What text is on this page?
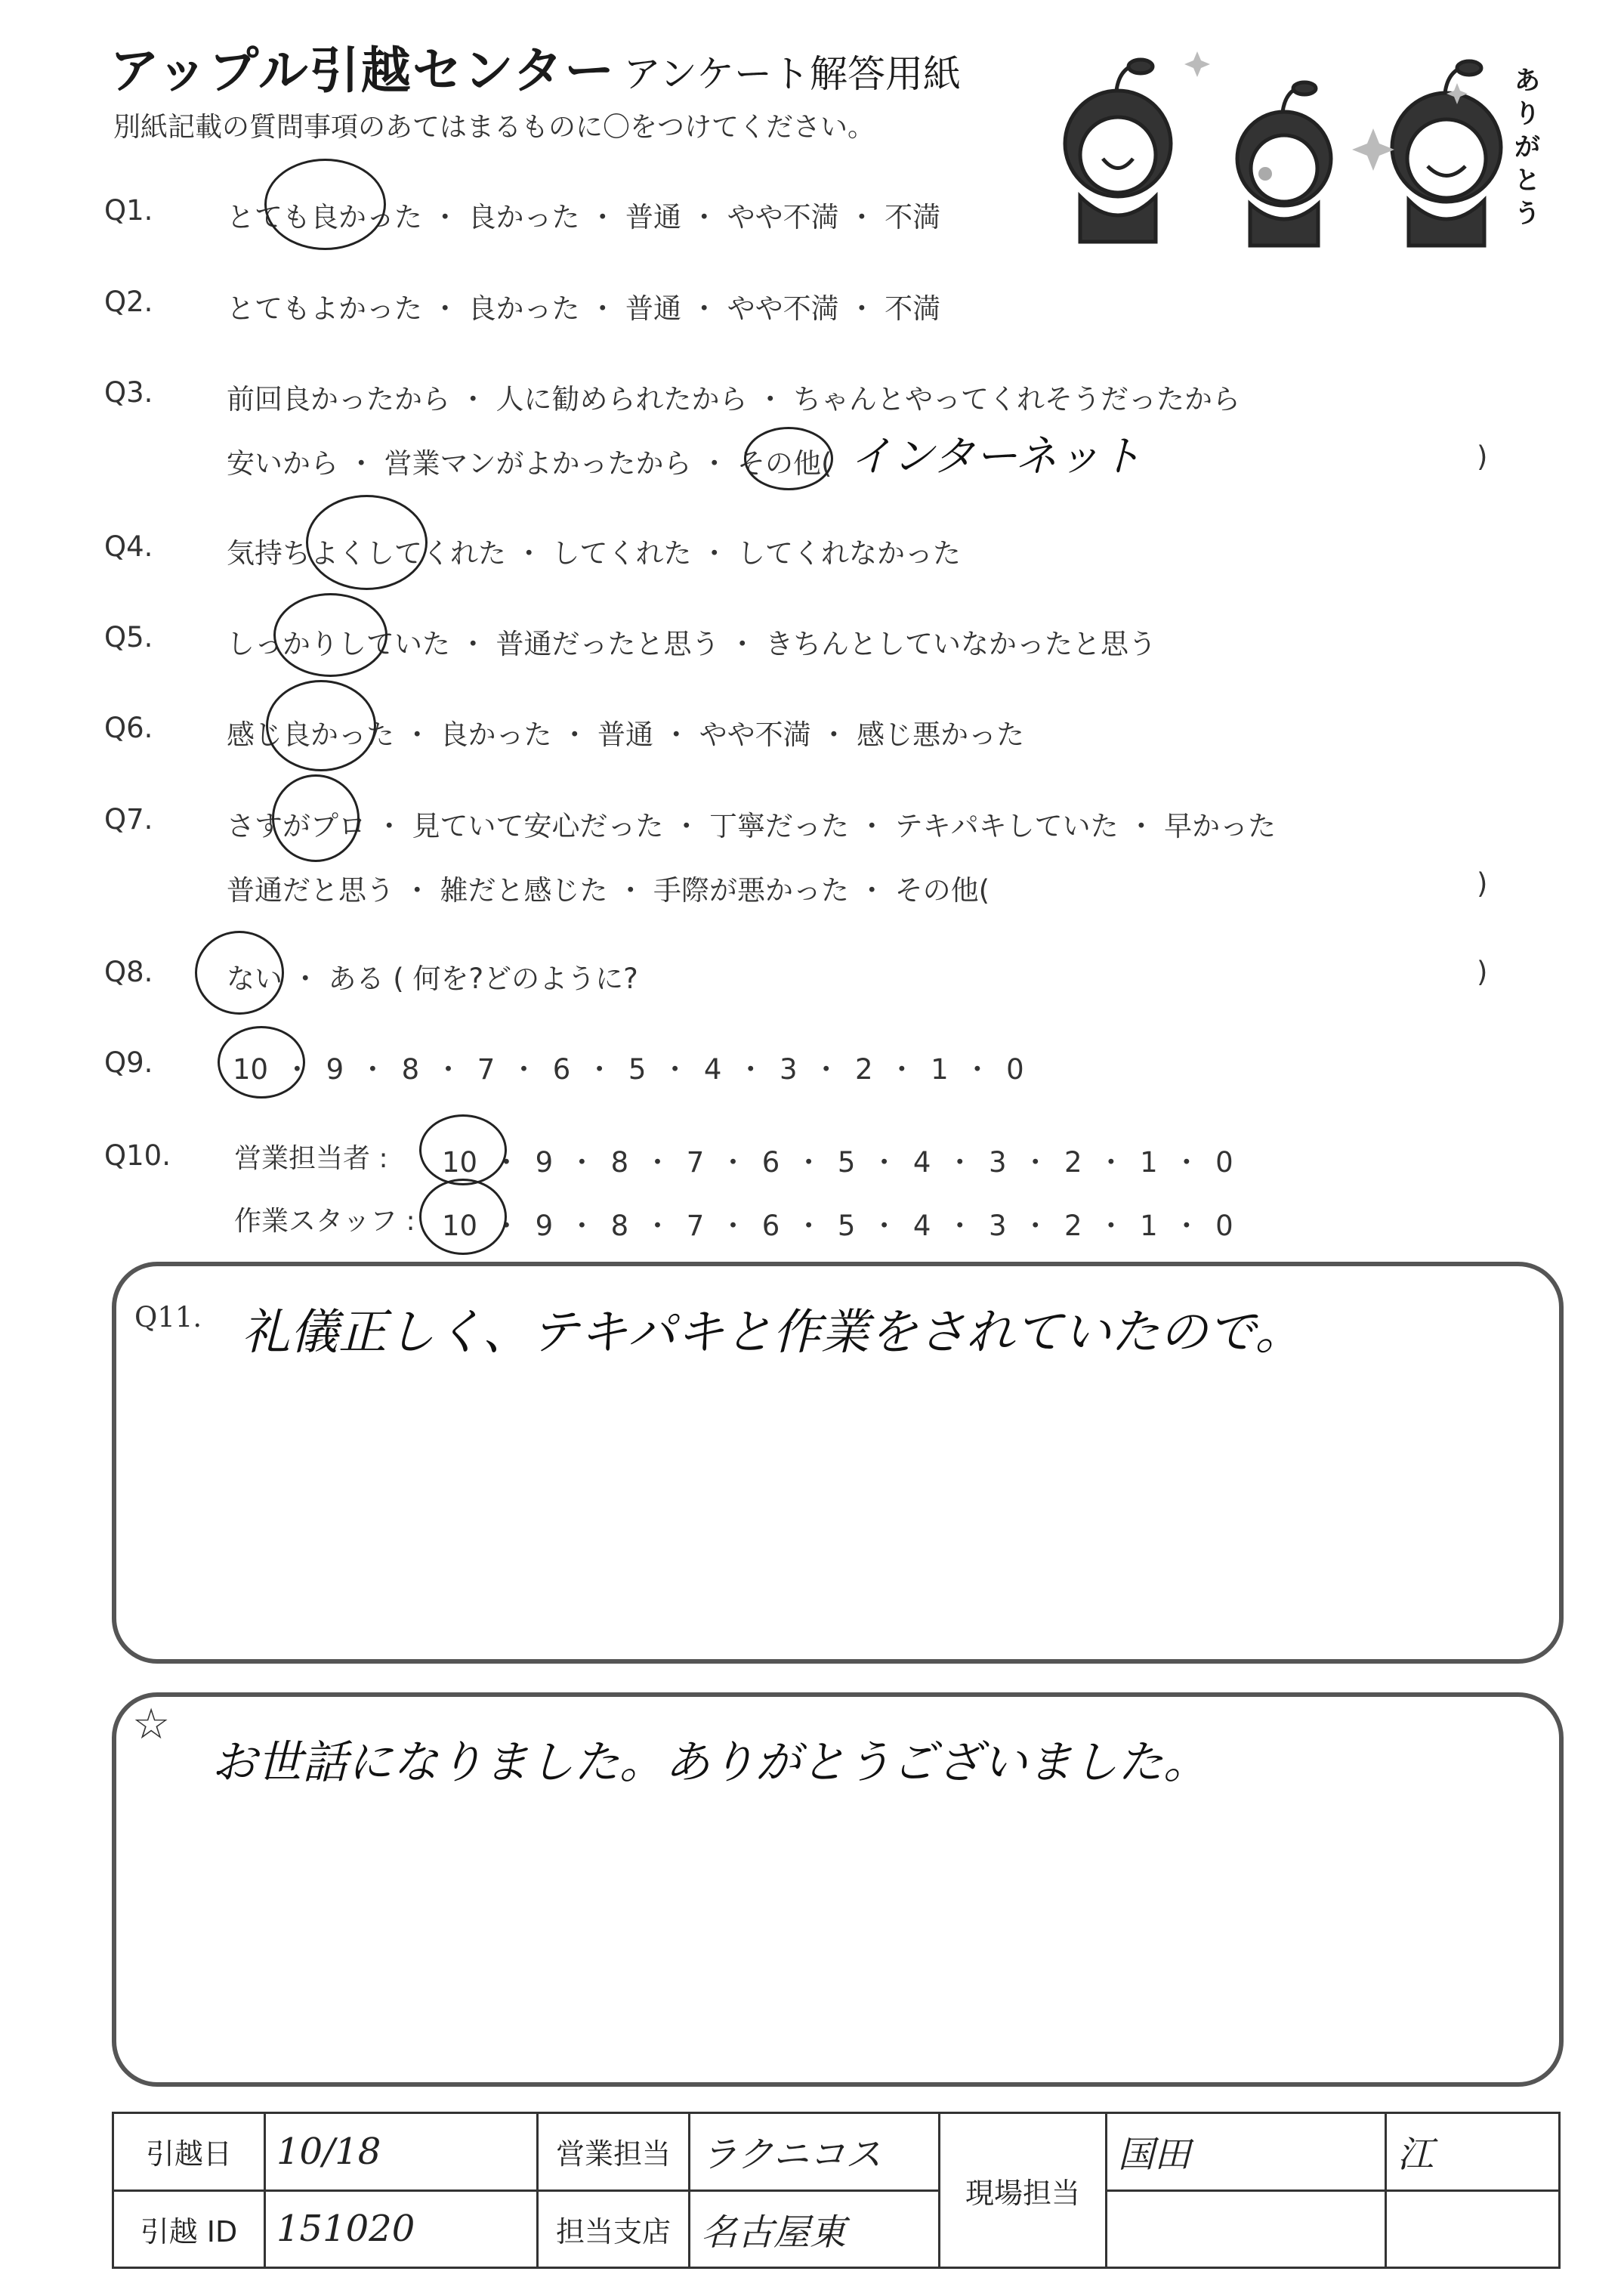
アップル引越センター アンケート解答用紙
別紙記載の質問事項のあてはまるものに〇をつけてください。
ありがとう
Q1.	とても良かった ・ 良かった ・ 普通 ・ やや不満 ・ 不満
Q2.	とてもよかった ・ 良かった ・ 普通 ・ やや不満 ・ 不満
Q3.	前回良かったから ・ 人に勧められたから ・ ちゃんとやってくれそうだったから
安いから ・ 営業マンがよかったから ・ その他( インターネット	)
Q4.	気持ちよくしてくれた ・ してくれた ・ してくれなかった
Q5.	しっかりしていた ・ 普通だったと思う ・ きちんとしていなかったと思う
Q6.	感じ良かった ・ 良かった ・ 普通 ・ やや不満 ・ 感じ悪かった
Q7.	さすがプロ ・ 見ていて安心だった ・ 丁寧だった ・ テキパキしていた ・ 早かった
普通だと思う ・ 雑だと感じた ・ 手際が悪かった ・ その他(	)
Q8.	ない ・ ある ( 何を?どのように?	)
Q9.	10 ・ 9 ・ 8 ・ 7 ・ 6 ・ 5 ・ 4 ・ 3 ・ 2 ・ 1 ・ 0
Q10. 営業担当者 : 10 ・ 9 ・ 8 ・ 7 ・ 6 ・ 5 ・ 4 ・ 3 ・ 2 ・ 1 ・ 0
作業スタッフ : 10 ・ 9 ・ 8 ・ 7 ・ 6 ・ 5 ・ 4 ・ 3 ・ 2 ・ 1 ・ 0
Q11. 礼儀正しく、テキパキと作業をされていたので。
☆
お世話になりました。ありがとうございました。
引越日	10/18	営業担当	ラクニコス	現場担当	国田	江
引越 ID	151020	担当支店	名古屋東			
